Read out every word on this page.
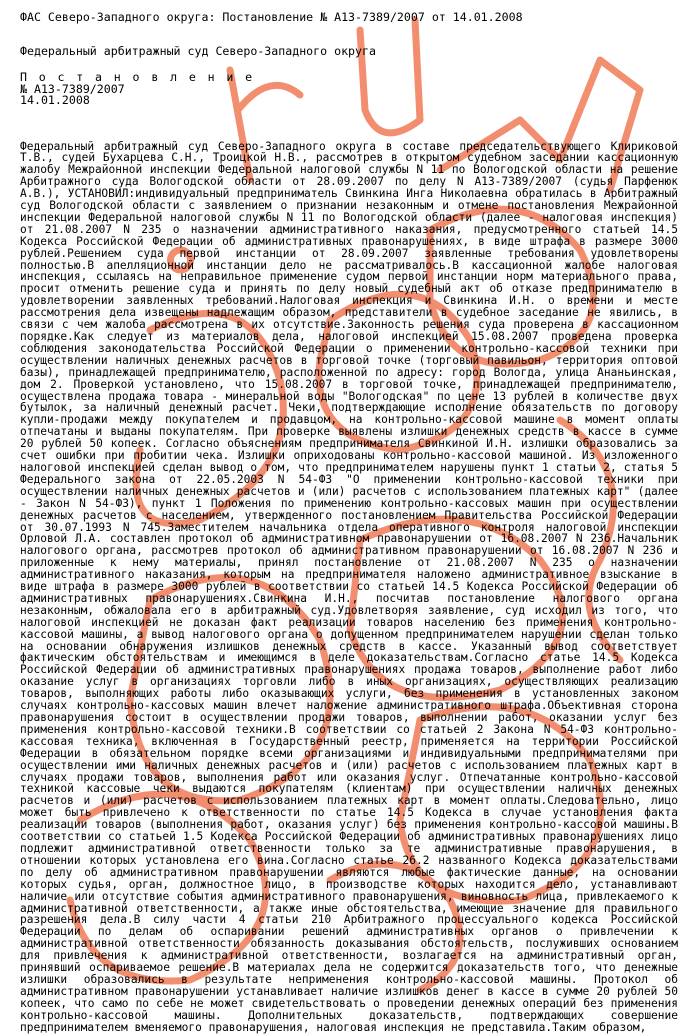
ФАС Северо-Западного округа: Постановление № А13-7389/2007 от 14.01.2008
Федеральный арбитражный суд Северо-Западного округа
П о с т а н о в л е н и е
№ А13-7389/2007
14.01.2008
Федеральный арбитражный суд Северо-Западного округа в составе председательствующего Клириковой Т.В., судей Бухарцева С.Н., Троицкой Н.В., рассмотрев в открытом судебном заседании кассационную жалобу Межрайонной инспекции Федеральной налоговой службы N 11 по Вологодской области на решение Арбитражного суда Вологодской области от 28.09.2007 по делу N А13-7389/2007 (судья Парфенюк А.В.), УСТАНОВИЛ:индивидуальный предприниматель Свинкина Инга Николаевна обратилась в Арбитражный суд Вологодской области с заявлением о признании незаконным и отмене постановления Межрайонной инспекции Федеральной налоговой службы N 11 по Вологодской области (далее - налоговая инспекция) от 21.08.2007 N 235 о назначении административного наказания, предусмотренного статьей 14.5 Кодекса Российской Федерации об административных правонарушениях, в виде штрафа в размере 3000 рублей.Решением суда первой инстанции от 28.09.2007 заявленные требования удовлетворены полностью.В апелляционной инстанции дело не рассматривалось.В кассационной жалобе налоговая инспекция, ссылаясь на неправильное применение судом первой инстанции норм материального права, просит отменить решение суда и принять по делу новый судебный акт об отказе предпринимателю в удовлетворении заявленных требований.Налоговая инспекция и Свинкина И.Н. о времени и месте рассмотрения дела извещены надлежащим образом, представители в судебное заседание не явились, в связи с чем жалоба рассмотрена в их отсутствие.Законность решения суда проверена в кассационном порядке.Как следует из материалов дела, налоговой инспекцией 15.08.2007 проведена проверка соблюдения законодательства Российской Федерации о применении контрольно-кассовой техники при осуществлении наличных денежных расчетов в торговой точке (торговый павильон, территория оптовой базы), принадлежащей предпринимателю, расположенной по адресу: город Вологда, улица Ананьинская, дом 2. Проверкой установлено, что 15.08.2007 в торговой точке, принадлежащей предпринимателю, осуществлена продажа товара - минеральной воды "Вологодская" по цене 13 рублей в количестве двух бутылок, за наличный денежный расчет. Чеки, подтверждающие исполнение обязательств по договору купли-продажи между покупателем и продавцом, на контрольно-кассовой машине в момент оплаты отпечатаны и выданы покупателям. При проверке выявлены излишки денежных средств в кассе в сумме 20 рублей 50 копеек. Согласно объяснениям предпринимателя Свинкиной И.Н. излишки образовались за счет ошибки при пробитии чека. Излишки оприходованы контрольно-кассовой машиной. Из изложенного налоговой инспекцией сделан вывод о том, что предпринимателем нарушены пункт 1 статьи 2, статья 5 Федерального закона от 22.05.2003 N 54-ФЗ "О применении контрольно-кассовой техники при осуществлении наличных денежных расчетов и (или) расчетов с использованием платежных карт" (далее - Закон N 54-ФЗ), пункт 1 Положения по применению контрольно-кассовых машин при осуществлении денежных расчетов с населением, утвержденного постановлением Правительства Российской Федерации от 30.07.1993 N 745.Заместителем начальника отдела оперативного контроля налоговой инспекции Орловой Л.А. составлен протокол об административном правонарушении от 16.08.2007 N 236.Начальник налогового органа, рассмотрев протокол об административном правонарушении от 16.08.2007 N 236 и приложенные к нему материалы, принял постановление от 21.08.2007 N 235 о назначении административного наказания, которым на предпринимателя наложено административное взыскание в виде штрафа в размере 3000 рублей в соответствии со статьей 14.5 Кодекса Российской Федерации об административных правонарушениях.Свинкина И.Н., посчитав постановление налогового органа незаконным, обжаловала его в арбитражный суд.Удовлетворяя заявление, суд исходил из того, что налоговой инспекцией не доказан факт реализации товаров населению без применения контрольно-кассовой машины, а вывод налогового органа о допущенном предпринимателем нарушении сделан только на основании обнаружения излишков денежных средств в кассе. Указанный вывод соответствует фактическим обстоятельствам и имеющимся в деле доказательствам.Согласно статье 14.5 Кодекса Российской Федерации об административных правонарушениях продажа товаров, выполнение работ либо оказание услуг в организациях торговли либо в иных организациях, осуществляющих реализацию товаров, выполняющих работы либо оказывающих услуги, без применения в установленных законом случаях контрольно-кассовых машин влечет наложение административного штрафа.Объективная сторона правонарушения состоит в осуществлении продажи товаров, выполнении работ, оказании услуг без применения контрольно-кассовой техники.В соответствии со статьей 2 Закона N 54-ФЗ контрольно-кассовая техника, включенная в Государственный реестр, применяется на территории Российской Федерации в обязательном порядке всеми организациями и индивидуальными предпринимателями при осуществлении ими наличных денежных расчетов и (или) расчетов с использованием платежных карт в случаях продажи товаров, выполнения работ или оказания услуг. Отпечатанные контрольно-кассовой техникой кассовые чеки выдаются покупателям (клиентам) при осуществлении наличных денежных расчетов и (или) расчетов с использованием платежных карт в момент оплаты.Следовательно, лицо может быть привлечено к ответственности по статье 14.5 Кодекса в случае установления факта реализации товаров (выполнения работ, оказания услуг) без применения контрольно-кассовой машины.В соответствии со статьей 1.5 Кодекса Российской Федерации об административных правонарушениях лицо подлежит административной ответственности только за те административные правонарушения, в отношении которых установлена его вина.Согласно статье 26.2 названного Кодекса доказательствами по делу об административном правонарушении являются любые фактические данные, на основании которых судья, орган, должностное лицо, в производстве которых находится дело, устанавливают наличие или отсутствие события административного правонарушения, виновность лица, привлекаемого к административной ответственности, а также иные обстоятельства, имеющие значение для правильного разрешения дела.В силу части 4 статьи 210 Арбитражного процессуального кодекса Российской Федерации по делам об оспаривании решений административных органов о привлечении к административной ответственности обязанность доказывания обстоятельств, послуживших основанием для привлечения к административной ответственности, возлагается на административный орган, принявший оспариваемое решение.В материалах дела не содержится доказательств того, что денежные излишки образовались в результате неприменения контрольно-кассовой машины. Протокол об административном правонарушении устанавливает наличие излишков денег в кассе в сумме 20 рублей 50 копеек, что само по себе не может свидетельствовать о проведении денежных операций без применения контрольно-кассовой машины. Дополнительных доказательств, подтверждающих совершение предпринимателем вменяемого правонарушения, налоговая инспекция не представила.Таким образом,
